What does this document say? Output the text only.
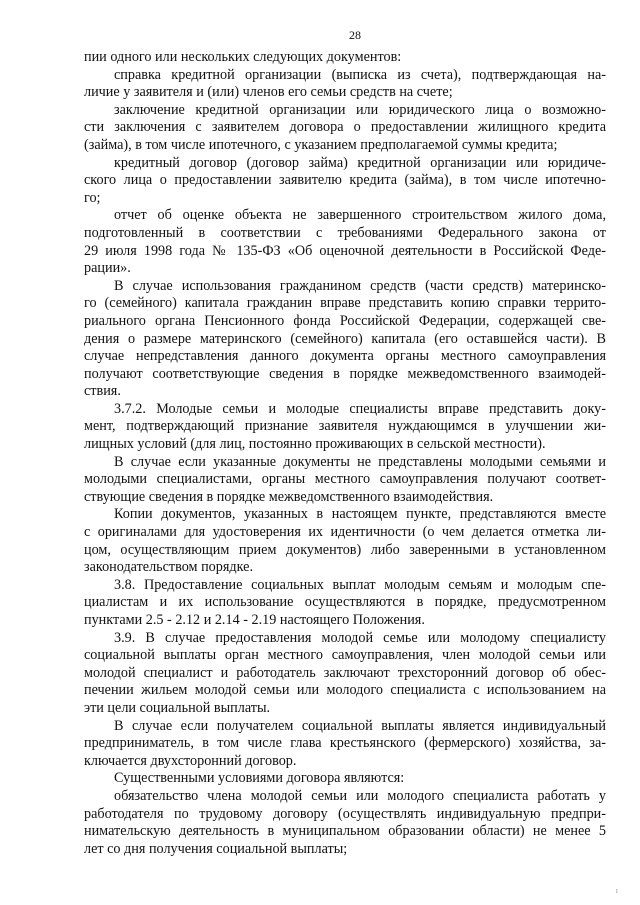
28
пии одного или нескольких следующих документов:
справка кредитной организации (выписка из счета), подтверждающая на-
личие у заявителя и (или) членов его семьи средств на счете;
заключение кредитной организации или юридического лица о возможно-
сти заключения с заявителем договора о предоставлении жилищного кредита
(займа), в том числе ипотечного, с указанием предполагаемой суммы кредита;
кредитный договор (договор займа) кредитной организации или юридиче-
ского лица о предоставлении заявителю кредита (займа), в том числе ипотечно-
го;
отчет об оценке объекта не завершенного строительством жилого дома,
подготовленный в соответствии с требованиями Федерального закона от
29 июля 1998 года № 135-ФЗ «Об оценочной деятельности в Российской Феде-
рации».
В случае использования гражданином средств (части средств) материнско-
го (семейного) капитала гражданин вправе представить копию справки террито-
риального органа Пенсионного фонда Российской Федерации, содержащей све-
дения о размере материнского (семейного) капитала (его оставшейся части). В
случае непредставления данного документа органы местного самоуправления
получают соответствующие сведения в порядке межведомственного взаимодей-
ствия.
3.7.2. Молодые семьи и молодые специалисты вправе представить доку-
мент, подтверждающий признание заявителя нуждающимся в улучшении жи-
лищных условий (для лиц, постоянно проживающих в сельской местности).
В случае если указанные документы не представлены молодыми семьями и
молодыми специалистами, органы местного самоуправления получают соответ-
ствующие сведения в порядке межведомственного взаимодействия.
Копии документов, указанных в настоящем пункте, представляются вместе
с оригиналами для удостоверения их идентичности (о чем делается отметка ли-
цом, осуществляющим прием документов) либо заверенными в установленном
законодательством порядке.
3.8. Предоставление социальных выплат молодым семьям и молодым спе-
циалистам и их использование осуществляются в порядке, предусмотренном
пунктами 2.5 - 2.12 и 2.14 - 2.19 настоящего Положения.
3.9. В случае предоставления молодой семье или молодому специалисту
социальной выплаты орган местного самоуправления, член молодой семьи или
молодой специалист и работодатель заключают трехсторонний договор об обес-
печении жильем молодой семьи или молодого специалиста с использованием на
эти цели социальной выплаты.
В случае если получателем социальной выплаты является индивидуальный
предприниматель, в том числе глава крестьянского (фермерского) хозяйства, за-
ключается двухсторонний договор.
Существенными условиями договора являются:
обязательство члена молодой семьи или молодого специалиста работать у
работодателя по трудовому договору (осуществлять индивидуальную предпри-
нимательскую деятельность в муниципальном образовании области) не менее 5
лет со дня получения социальной выплаты;
ı
